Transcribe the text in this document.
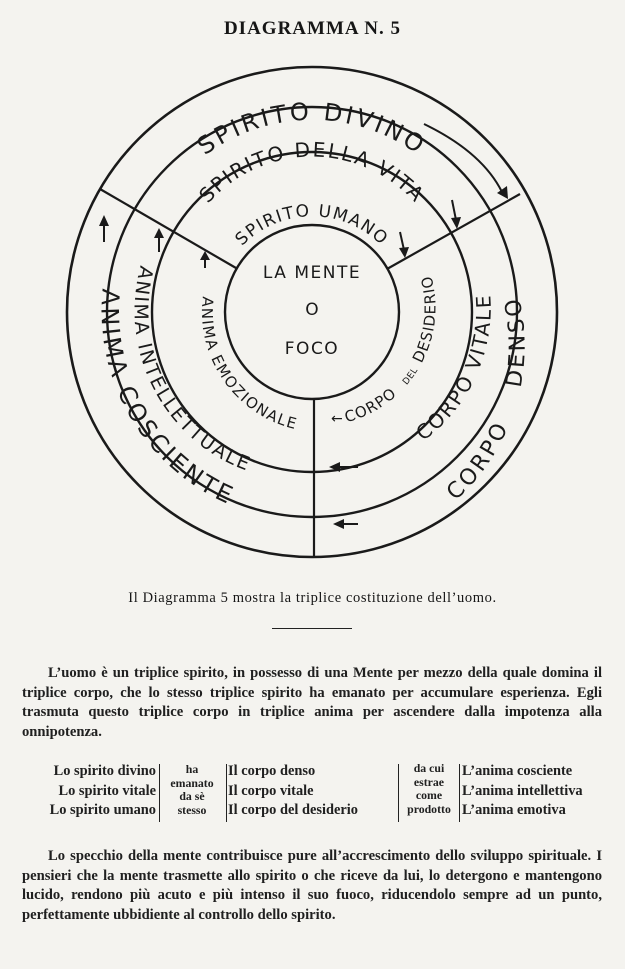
DIAGRAMMA N. 5
SPIRITO DIVINO
SPIRITO DELLA VITA
SPIRITO UMANO
ANIMA COSCIENTE
ANIMA INTELLETTUALE
ANIMA EMOZIONALE
CORPO
DENSO
CORPO VITALE
CORPO
DEL
DESIDERIO
LA MENTE
O
FOCO
←
Il Diagramma 5 mostra la triplice costituzione dell’uomo.
L’uomo è un triplice spirito, in possesso di una Mente per mezzo della quale domina il triplice corpo, che lo stesso triplice spirito ha emanato per accumulare esperienza. Egli trasmuta questo triplice corpo in triplice anima per ascendere dalla impotenza alla onnipotenza.
Lo spirito divino
Lo spirito vitale
Lo spirito umano
ha
emanato
da sè
stesso
Il corpo denso
Il corpo vitale
Il corpo del desiderio
da cui
estrae
come
prodotto
L’anima cosciente
L’anima intellettiva
L’anima emotiva
Lo specchio della mente contribuisce pure all’accrescimento dello sviluppo spirituale. I pensieri che la mente trasmette allo spirito o che riceve da lui, lo detergono e mantengono lucido, rendono più acuto e più intenso il suo fuoco, riducendolo sempre ad un punto, perfettamente ubbidiente al controllo dello spirito.
